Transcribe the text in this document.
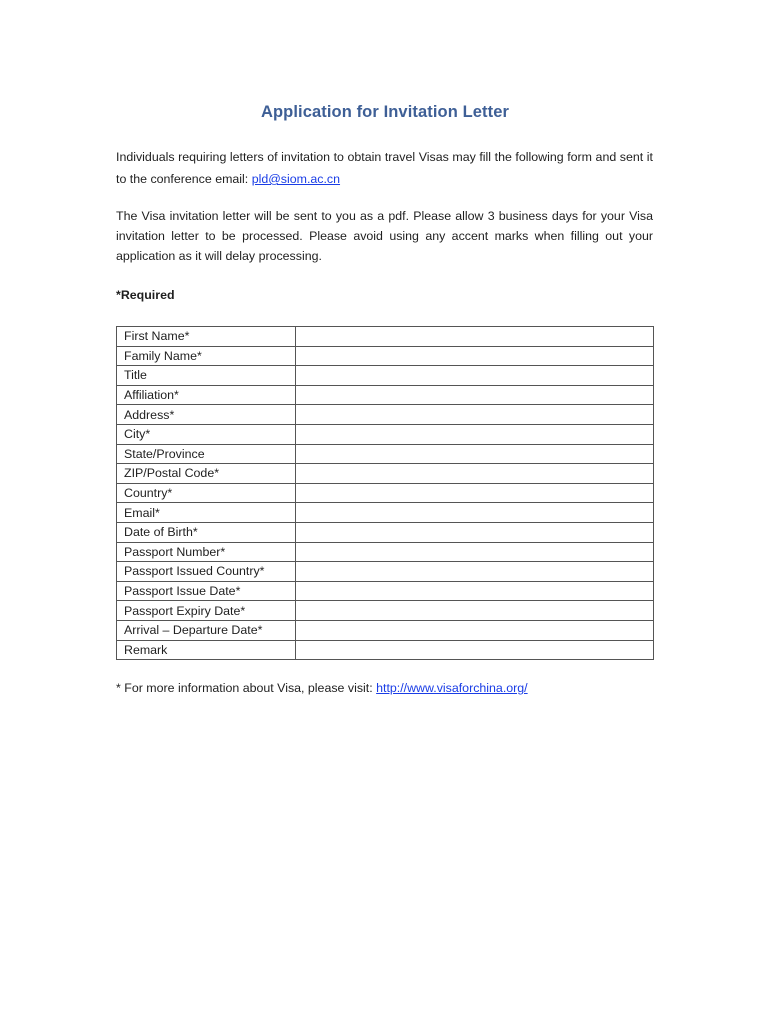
Application for Invitation Letter
Individuals requiring letters of invitation to obtain travel Visas may fill the following form and sent it to the conference email: pld@siom.ac.cn
The Visa invitation letter will be sent to you as a pdf. Please allow 3 business days for your Visa invitation letter to be processed. Please avoid using any accent marks when filling out your application as it will delay processing.
*Required
First Name*	
Family Name*	
Title	
Affiliation*	
Address*	
City*	
State/Province	
ZIP/Postal Code*	
Country*	
Email*	
Date of Birth*	
Passport Number*	
Passport Issued Country*	
Passport Issue Date*	
Passport Expiry Date*	
Arrival – Departure Date*	
Remark	
* For more information about Visa, please visit: http://www.visaforchina.org/
